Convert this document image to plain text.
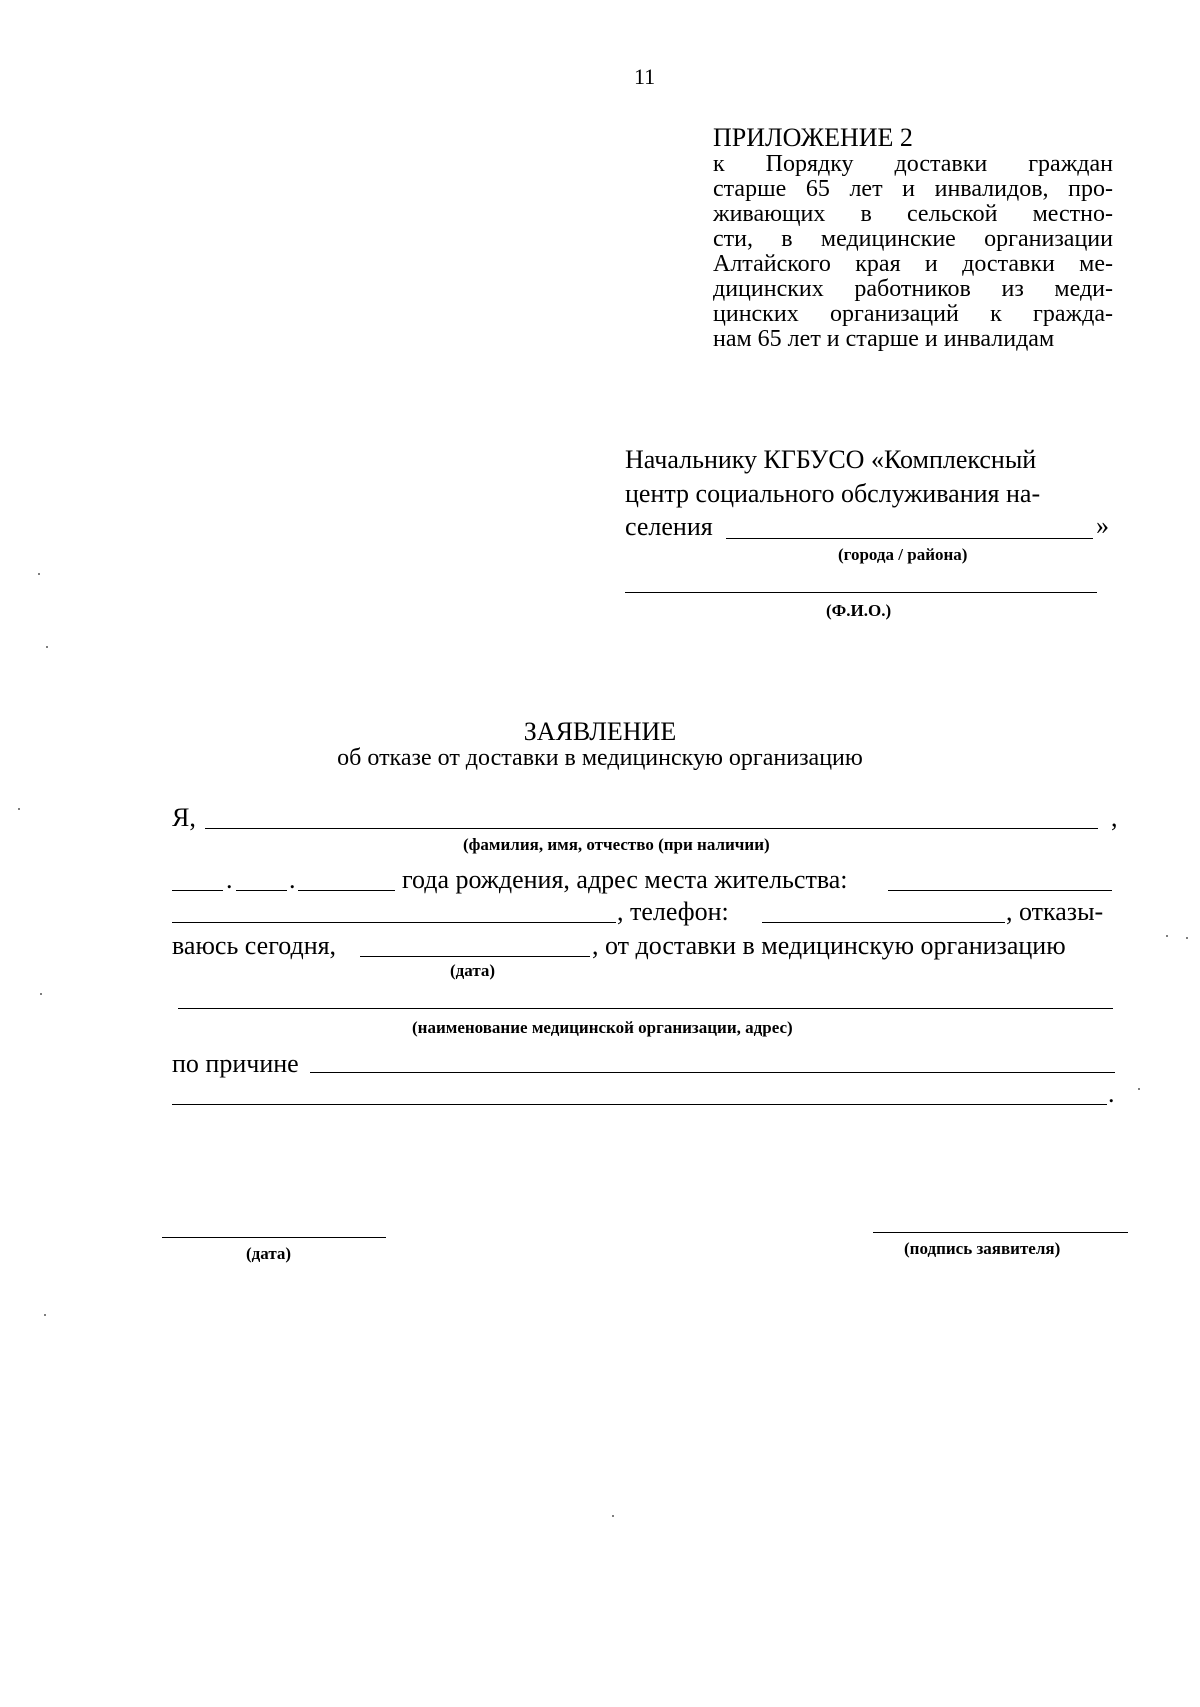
11
ПРИЛОЖЕНИЕ 2
к Порядку доставки граждан
старше 65 лет и инвалидов, про-
живающих в сельской местно-
сти, в медицинские организации
Алтайского края и доставки ме-
дицинских работников из меди-
цинских организаций к гражда-
нам 65 лет и старше и инвалидам
Начальнику КГБУСО «Комплексный
центр социального обслуживания на-
селения	»
(города / района)
(Ф.И.О.)
ЗАЯВЛЕНИЕ
об отказе от доставки в медицинскую организацию
Я,	,
(фамилия, имя, отчество (при наличии)
. .	года рождения, адрес места жительства:
, телефон:	, отказы-
ваюсь сегодня,	, от доставки в медицинскую организацию
(дата)
(наименование медицинской организации, адрес)
по причине
.
(дата)	(подпись заявителя)
